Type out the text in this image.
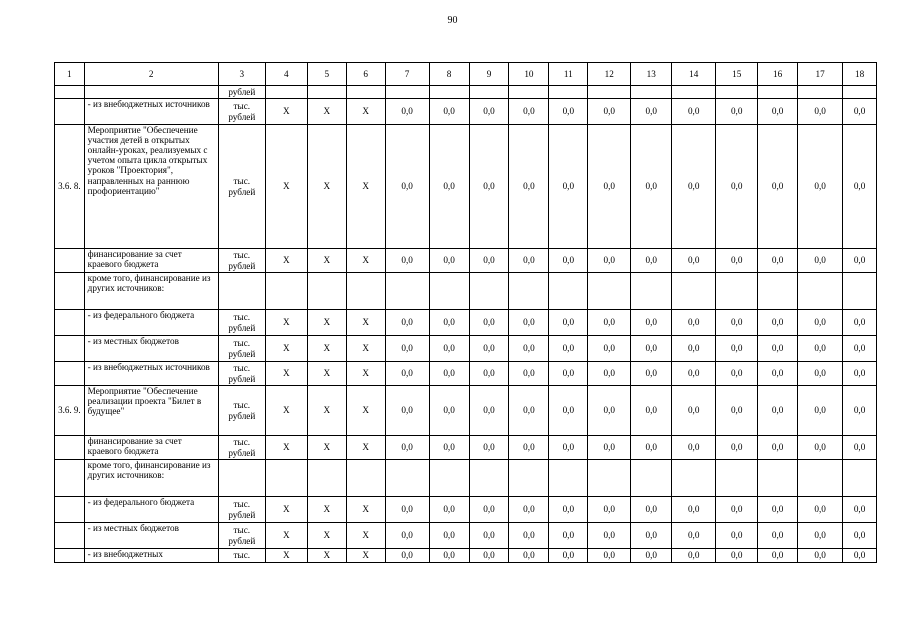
90
1	2	3	4	5	6	7	8	9	10	11	12	13	14	15	16	17	18
		рублей															
	- из внебюджетных источников	тыс. рублей	X	X	X	0,0	0,0	0,0	0,0	0,0	0,0	0,0	0,0	0,0	0,0	0,0	0,0
3.6. 8.	Мероприятие "Обеспечение участия детей в открытых онлайн-уроках, реализуемых с учетом опыта цикла открытых уроков "Проектория", направленных на раннюю профориентацию"	тыс. рублей	X	X	X	0,0	0,0	0,0	0,0	0,0	0,0	0,0	0,0	0,0	0,0	0,0	0,0
	финансирование за счет краевого бюджета	тыс. рублей	X	X	X	0,0	0,0	0,0	0,0	0,0	0,0	0,0	0,0	0,0	0,0	0,0	0,0
	кроме того, финансирование из других источников:																
	- из федерального бюджета	тыс. рублей	X	X	X	0,0	0,0	0,0	0,0	0,0	0,0	0,0	0,0	0,0	0,0	0,0	0,0
	- из местных бюджетов	тыс. рублей	X	X	X	0,0	0,0	0,0	0,0	0,0	0,0	0,0	0,0	0,0	0,0	0,0	0,0
	- из внебюджетных источников	тыс. рублей	X	X	X	0,0	0,0	0,0	0,0	0,0	0,0	0,0	0,0	0,0	0,0	0,0	0,0
3.6. 9.	Мероприятие "Обеспечение реализации проекта "Билет в будущее"	тыс. рублей	X	X	X	0,0	0,0	0,0	0,0	0,0	0,0	0,0	0,0	0,0	0,0	0,0	0,0
	финансирование за счет краевого бюджета	тыс. рублей	X	X	X	0,0	0,0	0,0	0,0	0,0	0,0	0,0	0,0	0,0	0,0	0,0	0,0
	кроме того, финансирование из других источников:																
	- из федерального бюджета	тыс. рублей	X	X	X	0,0	0,0	0,0	0,0	0,0	0,0	0,0	0,0	0,0	0,0	0,0	0,0
	- из местных бюджетов	тыс. рублей	X	X	X	0,0	0,0	0,0	0,0	0,0	0,0	0,0	0,0	0,0	0,0	0,0	0,0
	- из внебюджетных	тыс.	X	X	X	0,0	0,0	0,0	0,0	0,0	0,0	0,0	0,0	0,0	0,0	0,0	0,0
